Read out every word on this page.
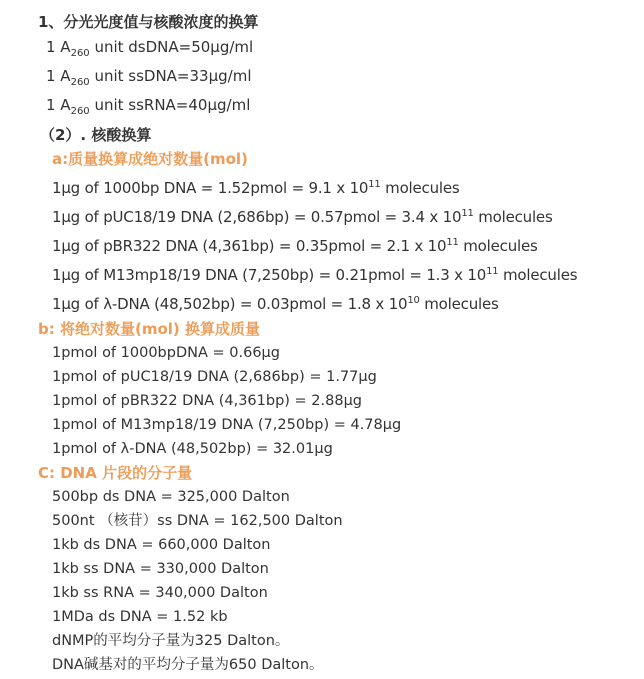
1、分光光度值与核酸浓度的换算
1 $A_{260}$ unit dsDNA=50μg/ml
1 $A_{260}$ unit ssDNA=33μg/ml
1 $A_{260}$ unit ssRNA=40μg/ml
（2）. 核酸换算
a:质量换算成绝对数量(mol)
1μg of 1000bp DNA = 1.52pmol = 9.1 x $10^{11}$ molecules
1μg of pUC18/19 DNA (2,686bp) = 0.57pmol = 3.4 x $10^{11}$ molecules
1μg of pBR322 DNA (4,361bp) = 0.35pmol = 2.1 x $10^{11}$ molecules
1μg of M13mp18/19 DNA (7,250bp) = 0.21pmol = 1.3 x $10^{11}$ molecules
1μg of λ-DNA (48,502bp) = 0.03pmol = 1.8 x $10^{10}$ molecules
b: 将绝对数量(mol) 换算成质量
1pmol of 1000bpDNA = 0.66μg
1pmol of pUC18/19 DNA (2,686bp) = 1.77μg
1pmol of pBR322 DNA (4,361bp) = 2.88μg
1pmol of M13mp18/19 DNA (7,250bp) = 4.78μg
1pmol of λ-DNA (48,502bp) = 32.01μg
C: DNA 片段的分子量
500bp ds DNA = 325,000 Dalton
500nt （核苷）ss DNA = 162,500 Dalton
1kb ds DNA = 660,000 Dalton
1kb ss DNA = 330,000 Dalton
1kb ss RNA = 340,000 Dalton
1MDa ds DNA = 1.52 kb
dNMP的平均分子量为325 Dalton。
DNA碱基对的平均分子量为650 Dalton。
